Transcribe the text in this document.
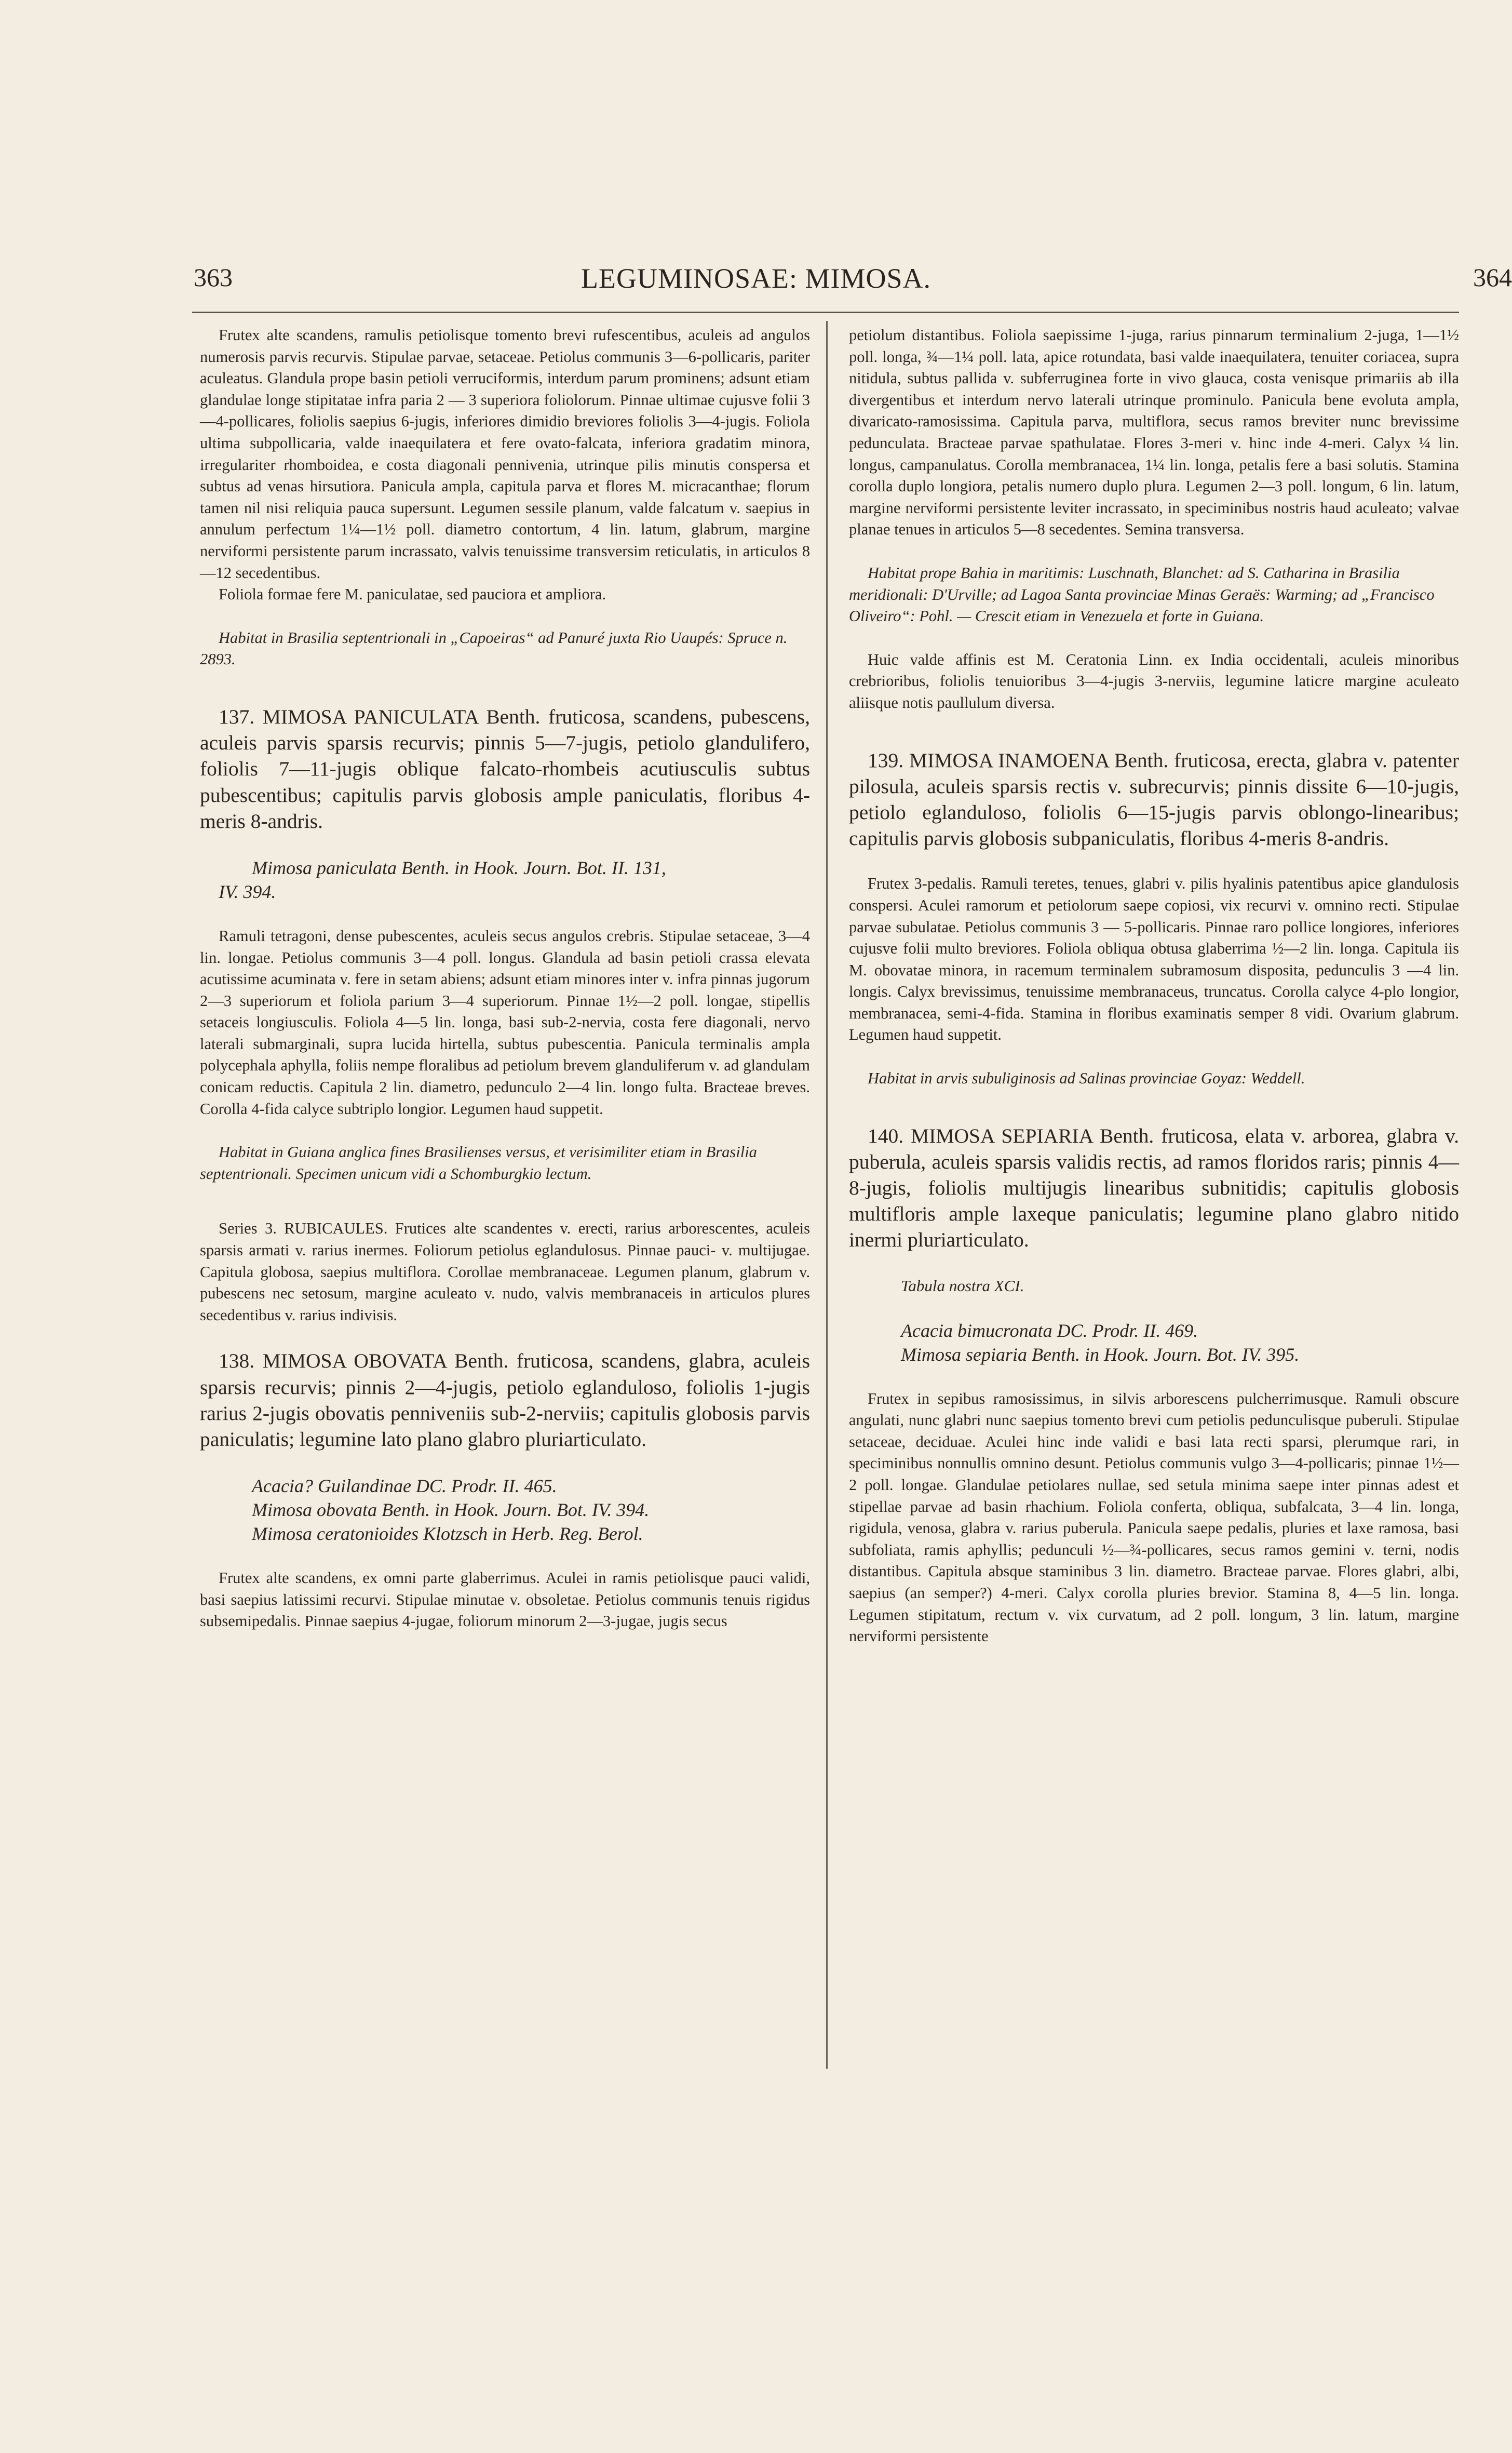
363	LEGUMINOSAE: MIMOSA.	364

Frutex alte scandens, ramulis petiolisque tomento brevi rufescentibus, aculeis ad angulos numerosis parvis recurvis. Stipulae parvae, setaceae. Petiolus communis 3—6-pollicaris, pariter aculeatus. Glandula prope basin petioli verruciformis, interdum parum prominens; adsunt etiam glandulae longe stipitatae infra paria 2 — 3 superiora foliolorum. Pinnae ultimae cujusve folii 3—4-pollicares, foliolis saepius 6-jugis, inferiores dimidio breviores foliolis 3—4-jugis. Foliola ultima subpollicaria, valde inaequilatera et fere ovato-falcata, inferiora gradatim minora, irregulariter rhomboidea, e costa diagonali pennivenia, utrinque pilis minutis conspersa et subtus ad venas hirsutiora. Panicula ampla, capitula parva et flores M. micracanthae; florum tamen nil nisi reliquia pauca supersunt. Legumen sessile planum, valde falcatum v. saepius in annulum perfectum 1¼—1½ poll. diametro contortum, 4 lin. latum, glabrum, margine nerviformi persistente parum incrassato, valvis tenuissime transversim reticulatis, in articulos 8—12 secedentibus.

Foliola formae fere M. paniculatae, sed pauciora et ampliora.

Habitat in Brasilia septentrionali in „Capoeiras“ ad Panuré juxta Rio Uaupés: Spruce n. 2893.

137. MIMOSA PANICULATA Benth. fruticosa, scandens, pubescens, aculeis parvis sparsis recurvis; pinnis 5—7-jugis, petiolo glandulifero, foliolis 7—11-jugis oblique falcato-rhombeis acutiusculis subtus pubescentibus; capitulis parvis globosis ample paniculatis, floribus 4-meris 8-andris.

Mimosa paniculata Benth. in Hook. Journ. Bot. II. 131,

IV. 394.

Ramuli tetragoni, dense pubescentes, aculeis secus angulos crebris. Stipulae setaceae, 3—4 lin. longae. Petiolus communis 3—4 poll. longus. Glandula ad basin petioli crassa elevata acutissime acuminata v. fere in setam abiens; adsunt etiam minores inter v. infra pinnas jugorum 2—3 superiorum et foliola parium 3—4 superiorum. Pinnae 1½—2 poll. longae, stipellis setaceis longiusculis. Foliola 4—5 lin. longa, basi sub-2-nervia, costa fere diagonali, nervo laterali submarginali, supra lucida hirtella, subtus pubescentia. Panicula terminalis ampla polycephala aphylla, foliis nempe floralibus ad petiolum brevem glanduliferum v. ad glandulam conicam reductis. Capitula 2 lin. diametro, pedunculo 2—4 lin. longo fulta. Bracteae breves. Corolla 4-fida calyce subtriplo longior. Legumen haud suppetit.

Habitat in Guiana anglica fines Brasilienses versus, et verisimiliter etiam in Brasilia septentrionali. Specimen unicum vidi a Schomburgkio lectum.

Series 3. RUBICAULES. Frutices alte scandentes v. erecti, rarius arborescentes, aculeis sparsis armati v. rarius inermes. Foliorum petiolus eglandulosus. Pinnae pauci- v. multijugae. Capitula globosa, saepius multiflora. Corollae membranaceae. Legumen planum, glabrum v. pubescens nec setosum, margine aculeato v. nudo, valvis membranaceis in articulos plures secedentibus v. rarius indivisis.

138. MIMOSA OBOVATA Benth. fruticosa, scandens, glabra, aculeis sparsis recurvis; pinnis 2—4-jugis, petiolo eglanduloso, foliolis 1-jugis rarius 2-jugis obovatis penniveniis sub-2-nerviis; capitulis globosis parvis paniculatis; legumine lato plano glabro pluriarticulato.

Acacia? Guilandinae DC. Prodr. II. 465.

Mimosa obovata Benth. in Hook. Journ. Bot. IV. 394.

Mimosa ceratonioides Klotzsch in Herb. Reg. Berol.

Frutex alte scandens, ex omni parte glaberrimus. Aculei in ramis petiolisque pauci validi, basi saepius latissimi recurvi. Stipulae minutae v. obsoletae. Petiolus communis tenuis rigidus subsemipedalis. Pinnae saepius 4-jugae, foliorum minorum 2—3-jugae, jugis secus

petiolum distantibus. Foliola saepissime 1-juga, rarius pinnarum terminalium 2-juga, 1—1½ poll. longa, ¾—1¼ poll. lata, apice rotundata, basi valde inaequilatera, tenuiter coriacea, supra nitidula, subtus pallida v. subferruginea forte in vivo glauca, costa venisque primariis ab illa divergentibus et interdum nervo laterali utrinque prominulo. Panicula bene evoluta ampla, divaricato-ramosissima. Capitula parva, multiflora, secus ramos breviter nunc brevissime pedunculata. Bracteae parvae spathulatae. Flores 3-meri v. hinc inde 4-meri. Calyx ¼ lin. longus, campanulatus. Corolla membranacea, 1¼ lin. longa, petalis fere a basi solutis. Stamina corolla duplo longiora, petalis numero duplo plura. Legumen 2—3 poll. longum, 6 lin. latum, margine nerviformi persistente leviter incrassato, in speciminibus nostris haud aculeato; valvae planae tenues in articulos 5—8 secedentes. Semina transversa.

Habitat prope Bahia in maritimis: Luschnath, Blanchet: ad S. Catharina in Brasilia meridionali: D'Urville; ad Lagoa Santa provinciae Minas Geraës: Warming; ad „Francisco Oliveiro“: Pohl. — Crescit etiam in Venezuela et forte in Guiana.

Huic valde affinis est M. Ceratonia Linn. ex India occidentali, aculeis minoribus crebrioribus, foliolis tenuioribus 3—4-jugis 3-nerviis, legumine laticre margine aculeato aliisque notis paullulum diversa.

139. MIMOSA INAMOENA Benth. fruticosa, erecta, glabra v. patenter pilosula, aculeis sparsis rectis v. subrecurvis; pinnis dissite 6—10-jugis, petiolo eglanduloso, foliolis 6—15-jugis parvis oblongo-linearibus; capitulis parvis globosis subpaniculatis, floribus 4-meris 8-andris.

Frutex 3-pedalis. Ramuli teretes, tenues, glabri v. pilis hyalinis patentibus apice glandulosis conspersi. Aculei ramorum et petiolorum saepe copiosi, vix recurvi v. omnino recti. Stipulae parvae subulatae. Petiolus communis 3 — 5-pollicaris. Pinnae raro pollice longiores, inferiores cujusve folii multo breviores. Foliola obliqua obtusa glaberrima ½—2 lin. longa. Capitula iis M. obovatae minora, in racemum terminalem subramosum disposita, pedunculis 3 —4 lin. longis. Calyx brevissimus, tenuissime membranaceus, truncatus. Corolla calyce 4-plo longior, membranacea, semi-4-fida. Stamina in floribus examinatis semper 8 vidi. Ovarium glabrum. Legumen haud suppetit.

Habitat in arvis subuliginosis ad Salinas provinciae Goyaz: Weddell.

140. MIMOSA SEPIARIA Benth. fruticosa, elata v. arborea, glabra v. puberula, aculeis sparsis validis rectis, ad ramos floridos raris; pinnis 4—8-jugis, foliolis multijugis linearibus subnitidis; capitulis globosis multifloris ample laxeque paniculatis; legumine plano glabro nitido inermi pluriarticulato.

Tabula nostra XCI.

Acacia bimucronata DC. Prodr. II. 469.

Mimosa sepiaria Benth. in Hook. Journ. Bot. IV. 395.

Frutex in sepibus ramosissimus, in silvis arborescens pulcherrimusque. Ramuli obscure angulati, nunc glabri nunc saepius tomento brevi cum petiolis pedunculisque puberuli. Stipulae setaceae, deciduae. Aculei hinc inde validi e basi lata recti sparsi, plerumque rari, in speciminibus nonnullis omnino desunt. Petiolus communis vulgo 3—4-pollicaris; pinnae 1½—2 poll. longae. Glandulae petiolares nullae, sed setula minima saepe inter pinnas adest et stipellae parvae ad basin rhachium. Foliola conferta, obliqua, subfalcata, 3—4 lin. longa, rigidula, venosa, glabra v. rarius puberula. Panicula saepe pedalis, pluries et laxe ramosa, basi subfoliata, ramis aphyllis; pedunculi ½—¾-pollicares, secus ramos gemini v. terni, nodis distantibus. Capitula absque staminibus 3 lin. diametro. Bracteae parvae. Flores glabri, albi, saepius (an semper?) 4-meri. Calyx corolla pluries brevior. Stamina 8, 4—5 lin. longa. Legumen stipitatum, rectum v. vix curvatum, ad 2 poll. longum, 3 lin. latum, margine nerviformi persistente
